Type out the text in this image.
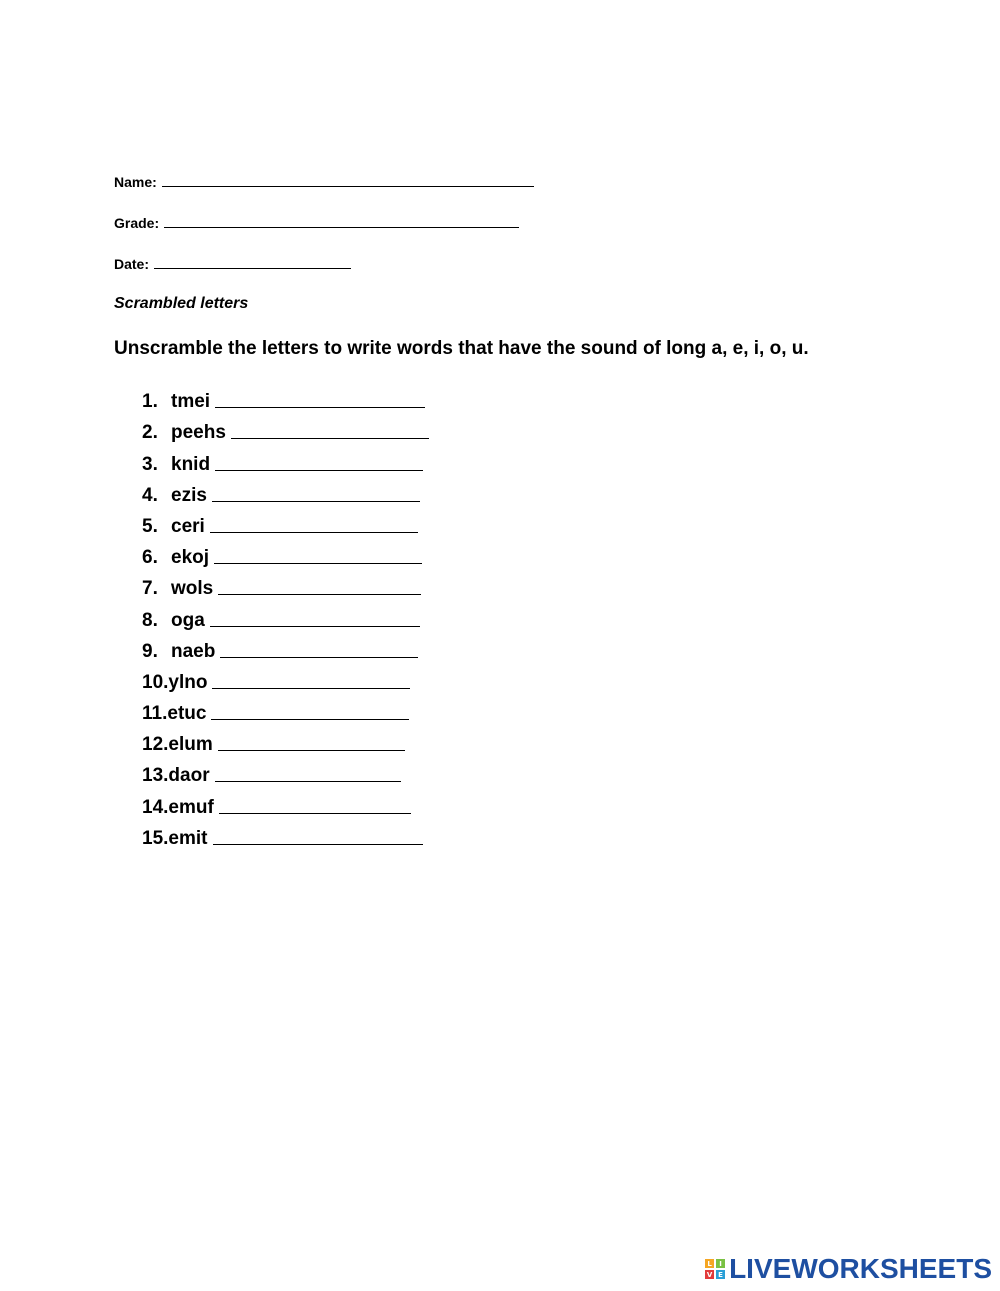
Name:
Grade:
Date:
Scrambled letters
Unscramble the letters to write words that have the sound of long a, e, i, o, u.
1. tmei
2. peehs
3. knid
4. ezis
5. ceri
6. ekoj
7. wols
8. oga
9. naeb
10. ylno
11. etuc
12. elum
13. daor
14. emuf
15. emit
L	I
V E LIVEWORKSHEETS
